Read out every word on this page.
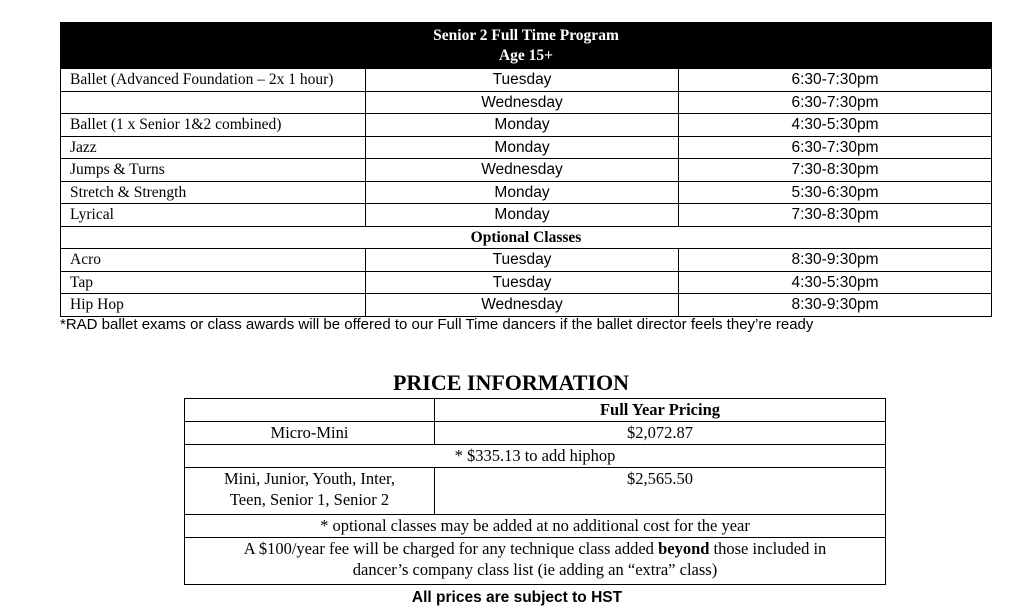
Senior 2 Full Time Program
Age 15+		

Ballet (Advanced Foundation – 2x 1 hour)	Tuesday	6:30-7:30pm
	Wednesday	6:30-7:30pm
Ballet (1 x Senior 1&2 combined)	Monday	4:30-5:30pm
Jazz	Monday	6:30-7:30pm
Jumps & Turns	Wednesday	7:30-8:30pm
Stretch & Strength	Monday	5:30-6:30pm
Lyrical	Monday	7:30-8:30pm
Optional Classes		
Acro	Tuesday	8:30-9:30pm
Tap	Tuesday	4:30-5:30pm
Hip Hop	Wednesday	8:30-9:30pm
*RAD ballet exams or class awards will be offered to our Full Time dancers if the ballet director feels they’re ready
PRICE INFORMATION
	Full Year Pricing
Micro-Mini	$2,072.87
* $335.13 to add hiphop	

Mini, Junior, Youth, Inter,
Teen, Senior 1, Senior 2	$2,565.50
* optional classes may be added at no additional cost for the year	

A $100/year fee will be charged for any technique class added beyond those included in
dancer’s company class list (ie adding an “extra” class)	
All prices are subject to HST
